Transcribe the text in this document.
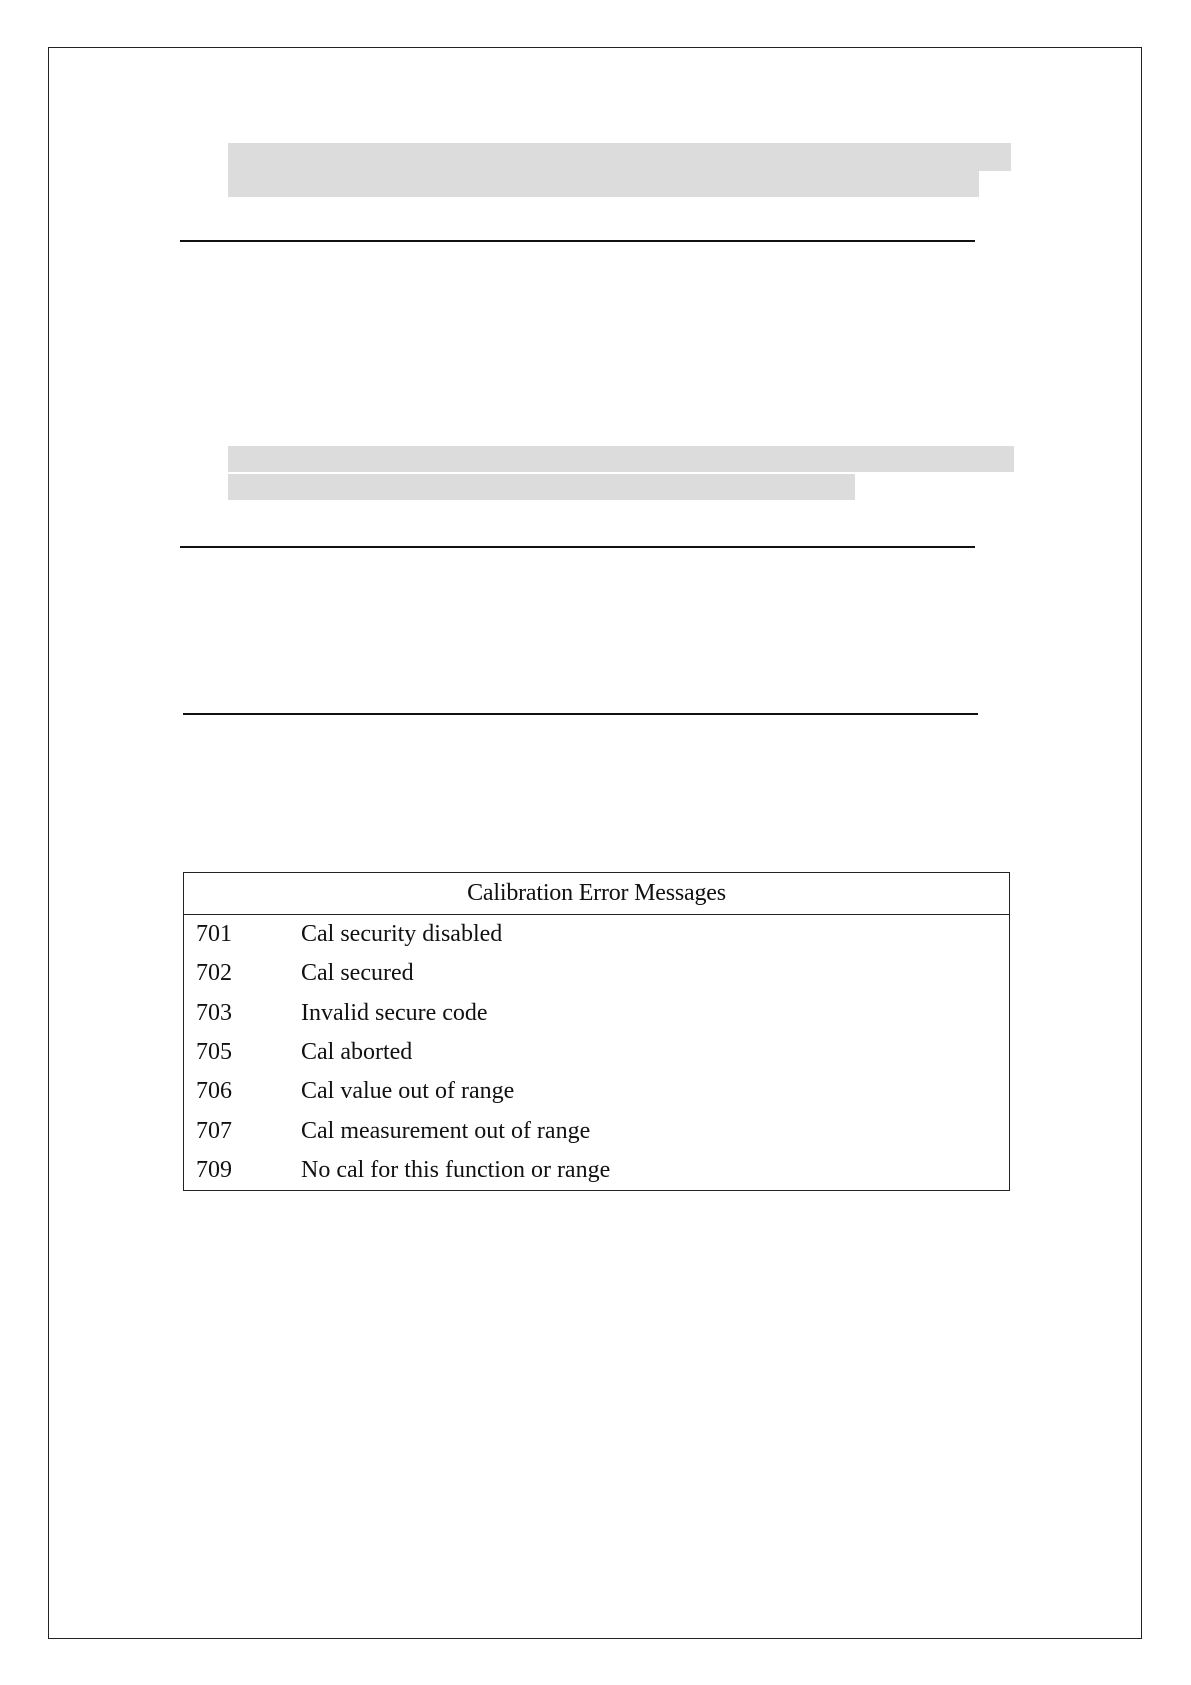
Calibration Error Messages	
701	Cal security disabled
702	Cal secured
703	Invalid secure code
705	Cal aborted
706	Cal value out of range
707	Cal measurement out of range
709	No cal for this function or range
